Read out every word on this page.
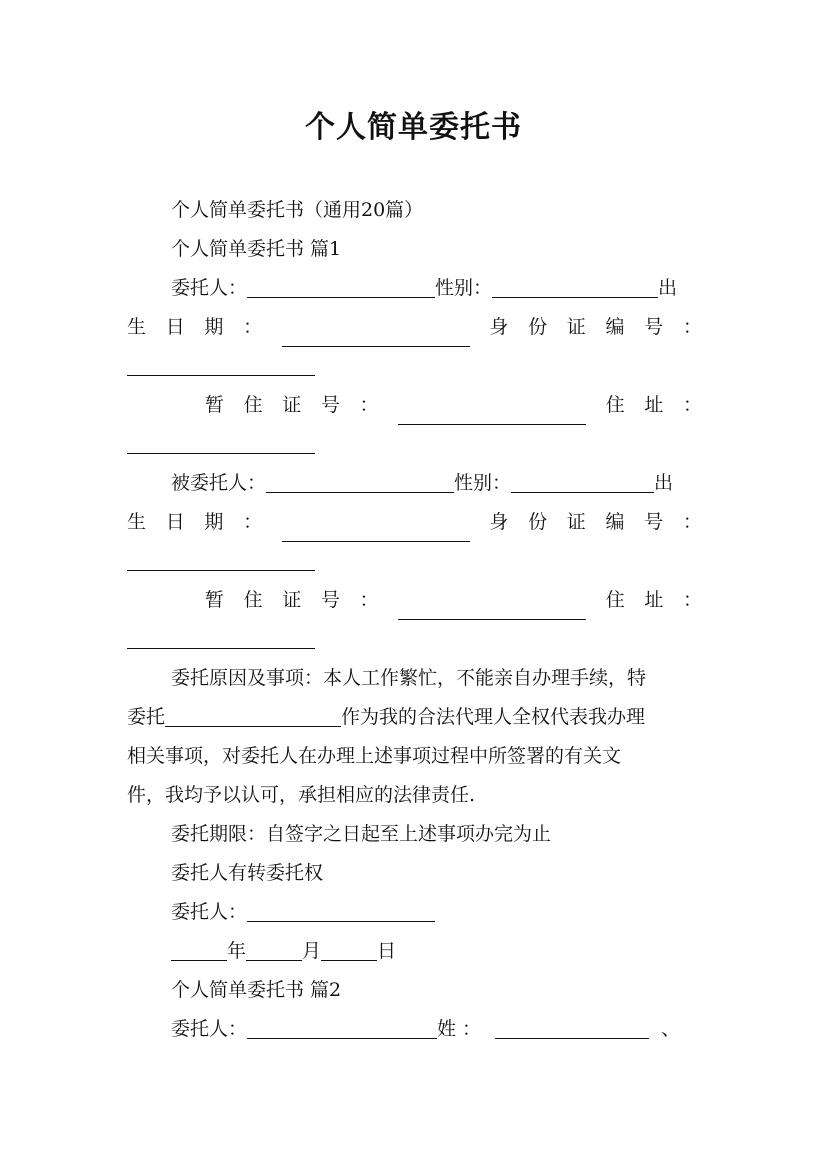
个人简单委托书
个人简单委托书（通用20篇）
个人简单委托书 篇1
委托人：	性别：	出
生 日 期 ：	身 份 证 编 号 ：
暂 住 证 号 ：	住 址 ：
被委托人：	性别：	出
生 日 期 ：	身 份 证 编 号 ：
暂 住 证 号 ：	住 址 ：
委托原因及事项：本人工作繁忙，不能亲自办理手续，特
委托	作为我的合法代理人全权代表我办理
相关事项，对委托人在办理上述事项过程中所签署的有关文
件，我均予以认可，承担相应的法律责任.
委托期限：自签字之日起至上述事项办完为止
委托人有转委托权
委托人：
年	月	日
个人简单委托书 篇2
委托人：	姓 ：	、
